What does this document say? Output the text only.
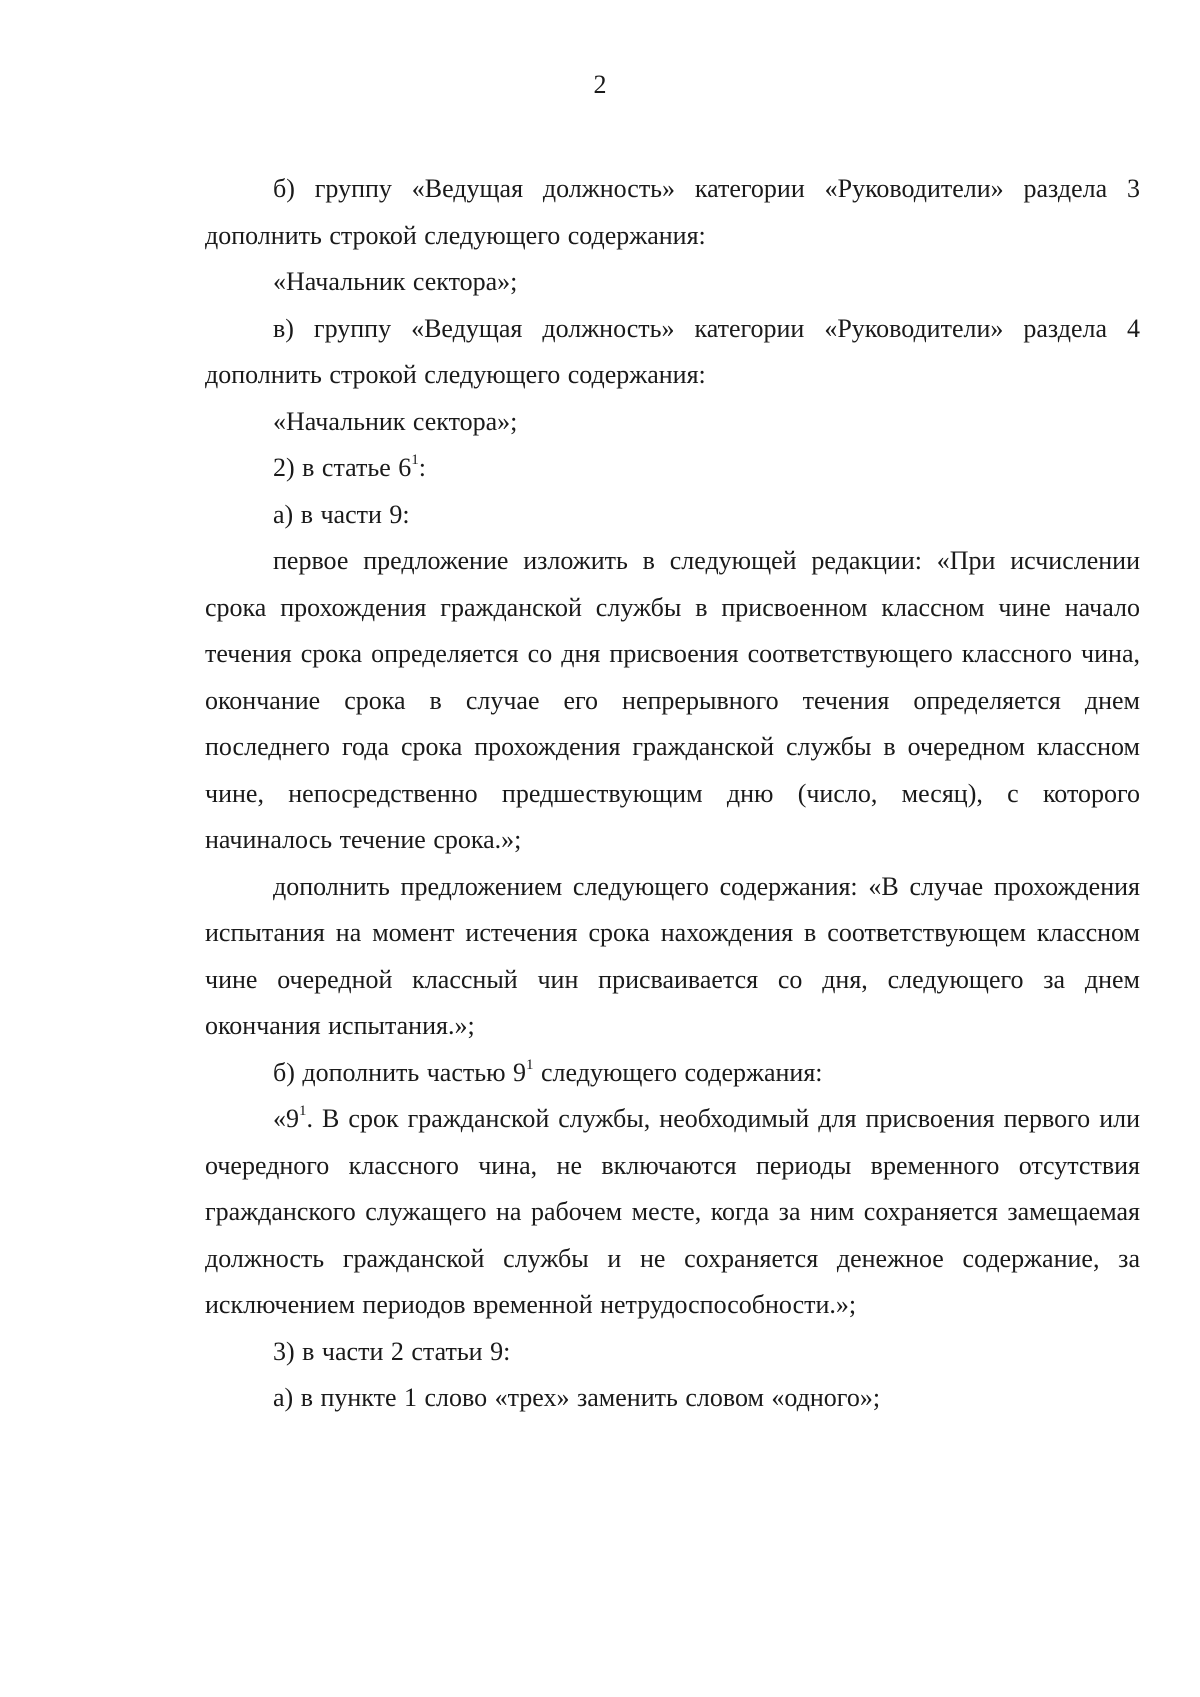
2

б) группу «Ведущая должность» категории «Руководители» раздела 3 дополнить строкой следующего содержания:

«Начальник сектора»;

в) группу «Ведущая должность» категории «Руководители» раздела 4 дополнить строкой следующего содержания:

«Начальник сектора»;

2) в статье $6^1$:

а) в части 9:

первое предложение изложить в следующей редакции: «При исчислении срока прохождения гражданской службы в присвоенном классном чине начало течения срока определяется со дня присвоения соответствующего классного чина, окончание срока в случае его непрерывного течения определяется днем последнего года срока прохождения гражданской службы в очередном классном чине, непосредственно предшествующим дню (число, месяц), с которого начиналось течение срока.»;

дополнить предложением следующего содержания: «В случае прохождения испытания на момент истечения срока нахождения в соответствующем классном чине очередной классный чин присваивается со дня, следующего за днем окончания испытания.»;

б) дополнить частью $9^1$ следующего содержания:

«$9^1$. В срок гражданской службы, необходимый для присвоения первого или очередного классного чина, не включаются периоды временного отсутствия гражданского служащего на рабочем месте, когда за ним сохраняется замещаемая должность гражданской службы и не сохраняется денежное содержание, за исключением периодов временной нетрудоспособности.»;

3) в части 2 статьи 9:

а) в пункте 1 слово «трех» заменить словом «одного»;
